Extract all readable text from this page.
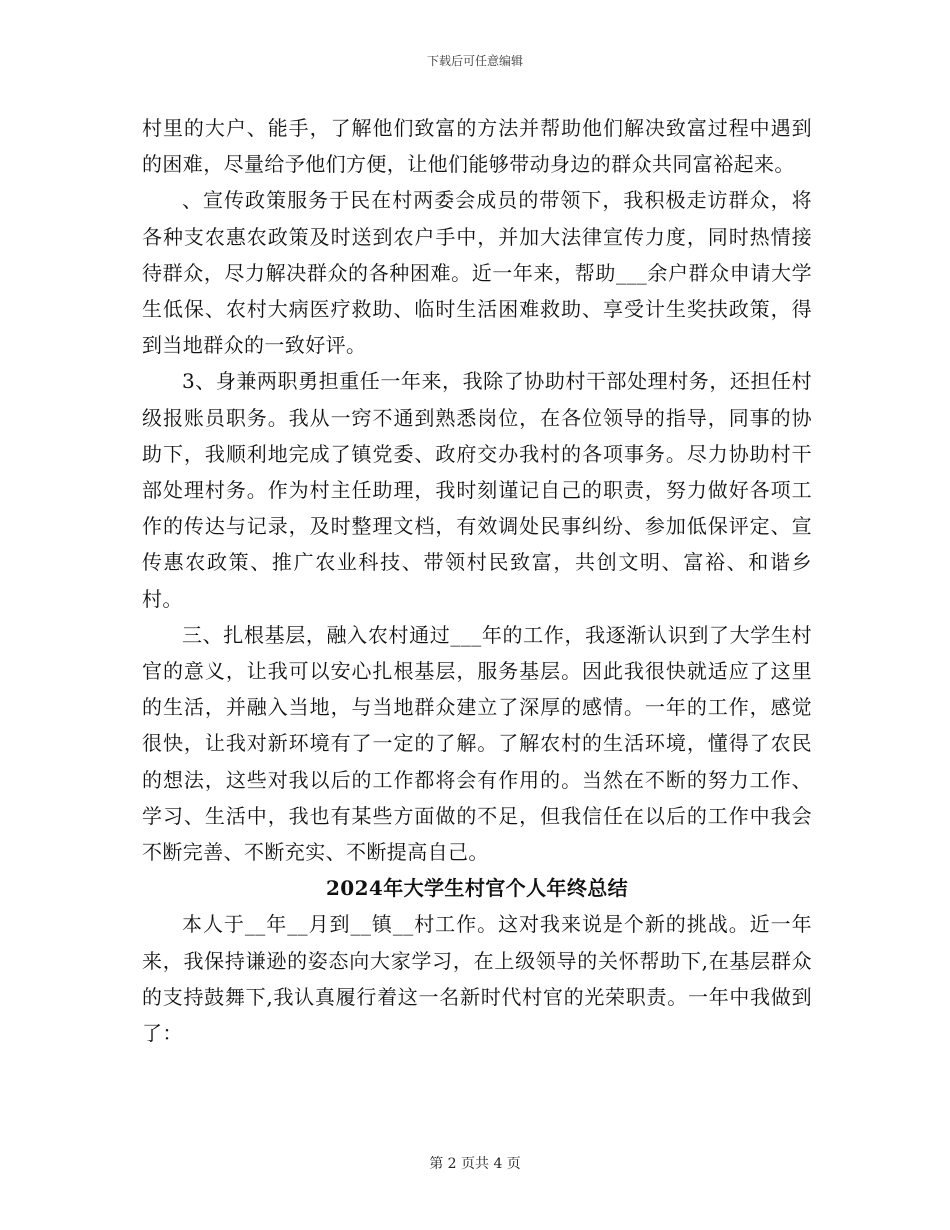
下载后可任意编辑

村里的大户、能手，了解他们致富的方法并帮助他们解决致富过程中遇到的困难，尽量给予他们方便，让他们能够带动身边的群众共同富裕起来。

、宣传政策服务于民在村两委会成员的带领下，我积极走访群众，将各种支农惠农政策及时送到农户手中，并加大法律宣传力度，同时热情接待群众，尽力解决群众的各种困难。近一年来，帮助___余户群众申请大学生低保、农村大病医疗救助、临时生活困难救助、享受计生奖扶政策，得到当地群众的一致好评。

3、身兼两职勇担重任一年来，我除了协助村干部处理村务，还担任村级报账员职务。我从一窍不通到熟悉岗位，在各位领导的指导，同事的协助下，我顺利地完成了镇党委、政府交办我村的各项事务。尽力协助村干部处理村务。作为村主任助理，我时刻谨记自己的职责，努力做好各项工作的传达与记录，及时整理文档，有效调处民事纠纷、参加低保评定、宣传惠农政策、推广农业科技、带领村民致富，共创文明、富裕、和谐乡村。

三、扎根基层，融入农村通过___年的工作，我逐渐认识到了大学生村官的意义，让我可以安心扎根基层，服务基层。因此我很快就适应了这里的生活，并融入当地，与当地群众建立了深厚的感情。一年的工作，感觉很快，让我对新环境有了一定的了解。了解农村的生活环境，懂得了农民的想法，这些对我以后的工作都将会有作用的。当然在不断的努力工作、学习、生活中，我也有某些方面做的不足，但我信任在以后的工作中我会不断完善、不断充实、不断提高自己。

2024年大学生村官个人年终总结

本人于__年__月到__镇__村工作。这对我来说是个新的挑战。近一年来，我保持谦逊的姿态向大家学习，在上级领导的关怀帮助下,在基层群众的支持鼓舞下,我认真履行着这一名新时代村官的光荣职责。一年中我做到了：

第 2 页共 4 页
